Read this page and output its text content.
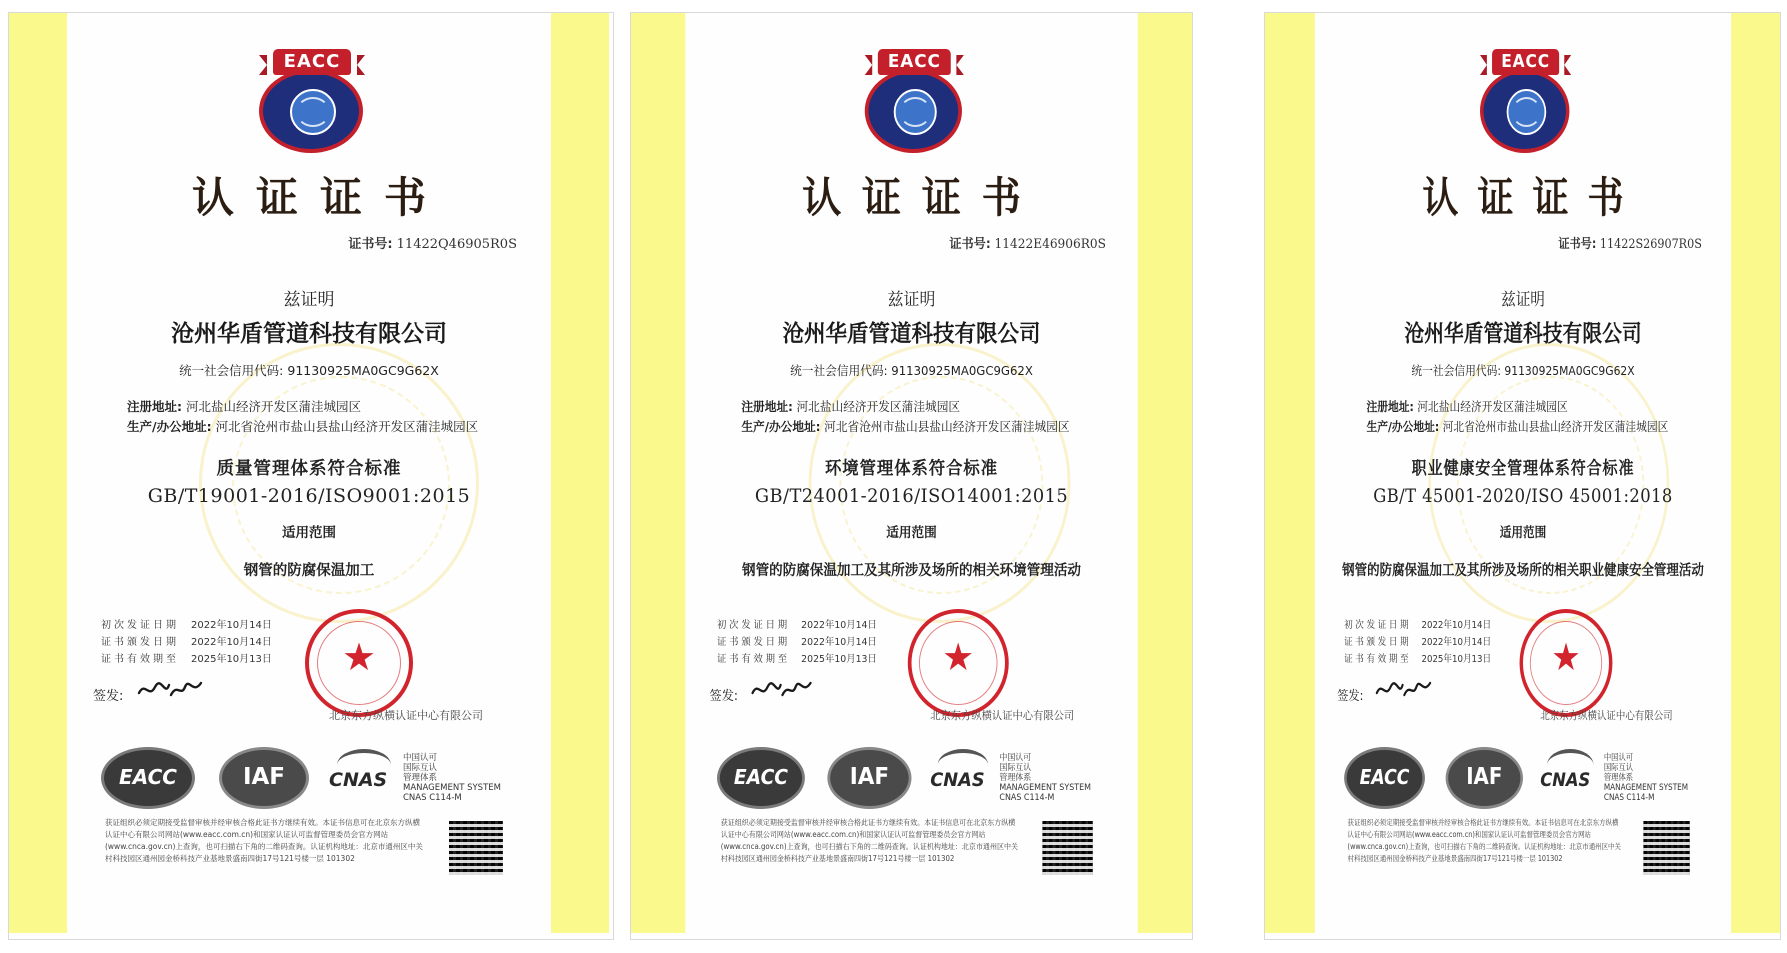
EACC
认证证书
证书号: 11422Q46905R0S
兹证明
沧州华盾管道科技有限公司
统一社会信用代码: 91130925MA0GC9G62X
注册地址: 河北盐山经济开发区蒲洼城园区
生产/办公地址: 河北省沧州市盐山县盐山经济开发区蒲洼城园区
质量管理体系符合标准
GB/T19001-2016/ISO9001:2015
适用范围
钢管的防腐保温加工
初次发证日期 2022年10月14日
证书颁发日期 2022年10月14日
证书有效期至 2025年10月13日	★
签发:
北京东方纵横认证中心有限公司
EACC	IAF	CNAS
中国认可
国际互认
管理体系
MANAGEMENT SYSTEM
CNAS C114-M
获证组织必须定期接受监督审核并经审核合格此证书方继续有效。本证书信息可在北京东方纵横认证中心有限公司网站(www.eacc.com.cn)和国家认证认可监督管理委员会官方网站(www.cnca.gov.cn)上查询，也可扫描右下角的二维码查询。认证机构地址：北京市通州区中关村科技园区通州园金桥科技产业基地景盛南四街17号121号楼一层 101302
EACC
认证证书
证书号: 11422E46906R0S
兹证明
沧州华盾管道科技有限公司
统一社会信用代码: 91130925MA0GC9G62X
注册地址: 河北盐山经济开发区蒲洼城园区
生产/办公地址: 河北省沧州市盐山县盐山经济开发区蒲洼城园区
环境管理体系符合标准
GB/T24001-2016/ISO14001:2015
适用范围
钢管的防腐保温加工及其所涉及场所的相关环境管理活动
初次发证日期 2022年10月14日
证书颁发日期 2022年10月14日
证书有效期至 2025年10月13日	★
签发:
北京东方纵横认证中心有限公司
EACC	IAF	CNAS
中国认可
国际互认
管理体系
MANAGEMENT SYSTEM
CNAS C114-M
获证组织必须定期接受监督审核并经审核合格此证书方继续有效。本证书信息可在北京东方纵横认证中心有限公司网站(www.eacc.com.cn)和国家认证认可监督管理委员会官方网站(www.cnca.gov.cn)上查询，也可扫描右下角的二维码查询。认证机构地址：北京市通州区中关村科技园区通州园金桥科技产业基地景盛南四街17号121号楼一层 101302
EACC
认证证书
证书号: 11422S26907R0S
兹证明
沧州华盾管道科技有限公司
统一社会信用代码: 91130925MA0GC9G62X
注册地址: 河北盐山经济开发区蒲洼城园区
生产/办公地址: 河北省沧州市盐山县盐山经济开发区蒲洼城园区
职业健康安全管理体系符合标准
GB/T 45001-2020/ISO 45001:2018
适用范围
钢管的防腐保温加工及其所涉及场所的相关职业健康安全管理活动
初次发证日期 2022年10月14日
证书颁发日期 2022年10月14日
证书有效期至 2025年10月13日	★
签发:
北京东方纵横认证中心有限公司
EACC	IAF	CNAS
中国认可
国际互认
管理体系
MANAGEMENT SYSTEM
CNAS C114-M
获证组织必须定期接受监督审核并经审核合格此证书方继续有效。本证书信息可在北京东方纵横认证中心有限公司网站(www.eacc.com.cn)和国家认证认可监督管理委员会官方网站(www.cnca.gov.cn)上查询，也可扫描右下角的二维码查询。认证机构地址：北京市通州区中关村科技园区通州园金桥科技产业基地景盛南四街17号121号楼一层 101302
